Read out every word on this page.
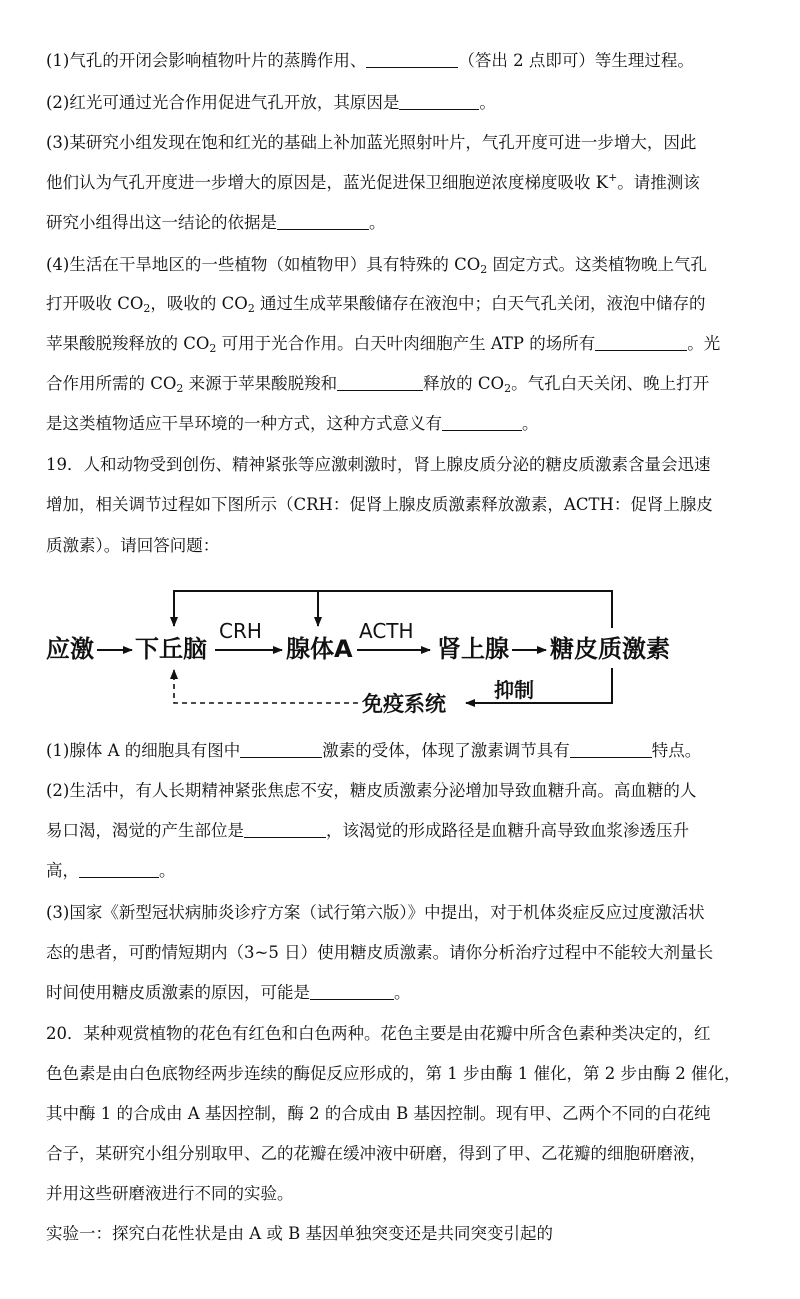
(1)气孔的开闭会影响植物叶片的蒸腾作用、	（答出 2 点即可）等生理过程。
(2)红光可通过光合作用促进气孔开放，其原因是	。
(3)某研究小组发现在饱和红光的基础上补加蓝光照射叶片，气孔开度可进一步增大，因此
他们认为气孔开度进一步增大的原因是，蓝光促进保卫细胞逆浓度梯度吸收 K+。请推测该
研究小组得出这一结论的依据是	。
(4)生活在干旱地区的一些植物（如植物甲）具有特殊的 $CO_2$ 固定方式。这类植物晚上气孔
打开吸收 $CO_2$，吸收的 $CO_2$ 通过生成苹果酸储存在液泡中；白天气孔关闭，液泡中储存的
苹果酸脱羧释放的 $CO_2$ 可用于光合作用。白天叶肉细胞产生 ATP 的场所有	。光
合作用所需的 $CO_2$ 来源于苹果酸脱羧和	释放的 $CO_2$。气孔白天关闭、晚上打开
是这类植物适应干旱环境的一种方式，这种方式意义有	。
19．人和动物受到创伤、精神紧张等应激刺激时，肾上腺皮质分泌的糖皮质激素含量会迅速
增加，相关调节过程如下图所示（CRH：促肾上腺皮质激素释放激素，ACTH：促肾上腺皮
质激素）。请回答问题：
应激 下丘脑
CRH
腺体A
ACTH
肾上腺 糖皮质激素
抑制
免疫系统
(1)腺体 A 的细胞具有图中	激素的受体，体现了激素调节具有	特点。
(2)生活中，有人长期精神紧张焦虑不安，糖皮质激素分泌增加导致血糖升高。高血糖的人
易口渴，渴觉的产生部位是	，该渴觉的形成路径是血糖升高导致血浆渗透压升
高，	。
(3)国家《新型冠状病肺炎诊疗方案（试行第六版）》中提出，对于机体炎症反应过度激活状
态的患者，可酌情短期内（3~5 日）使用糖皮质激素。请你分析治疗过程中不能较大剂量长
时间使用糖皮质激素的原因，可能是	。
20．某种观赏植物的花色有红色和白色两种。花色主要是由花瓣中所含色素种类决定的，红
色色素是由白色底物经两步连续的酶促反应形成的，第 1 步由酶 1 催化，第 2 步由酶 2 催化，
其中酶 1 的合成由 A 基因控制，酶 2 的合成由 B 基因控制。现有甲、乙两个不同的白花纯
合子，某研究小组分别取甲、乙的花瓣在缓冲液中研磨，得到了甲、乙花瓣的细胞研磨液，
并用这些研磨液进行不同的实验。
实验一：探究白花性状是由 A 或 B 基因单独突变还是共同突变引起的
